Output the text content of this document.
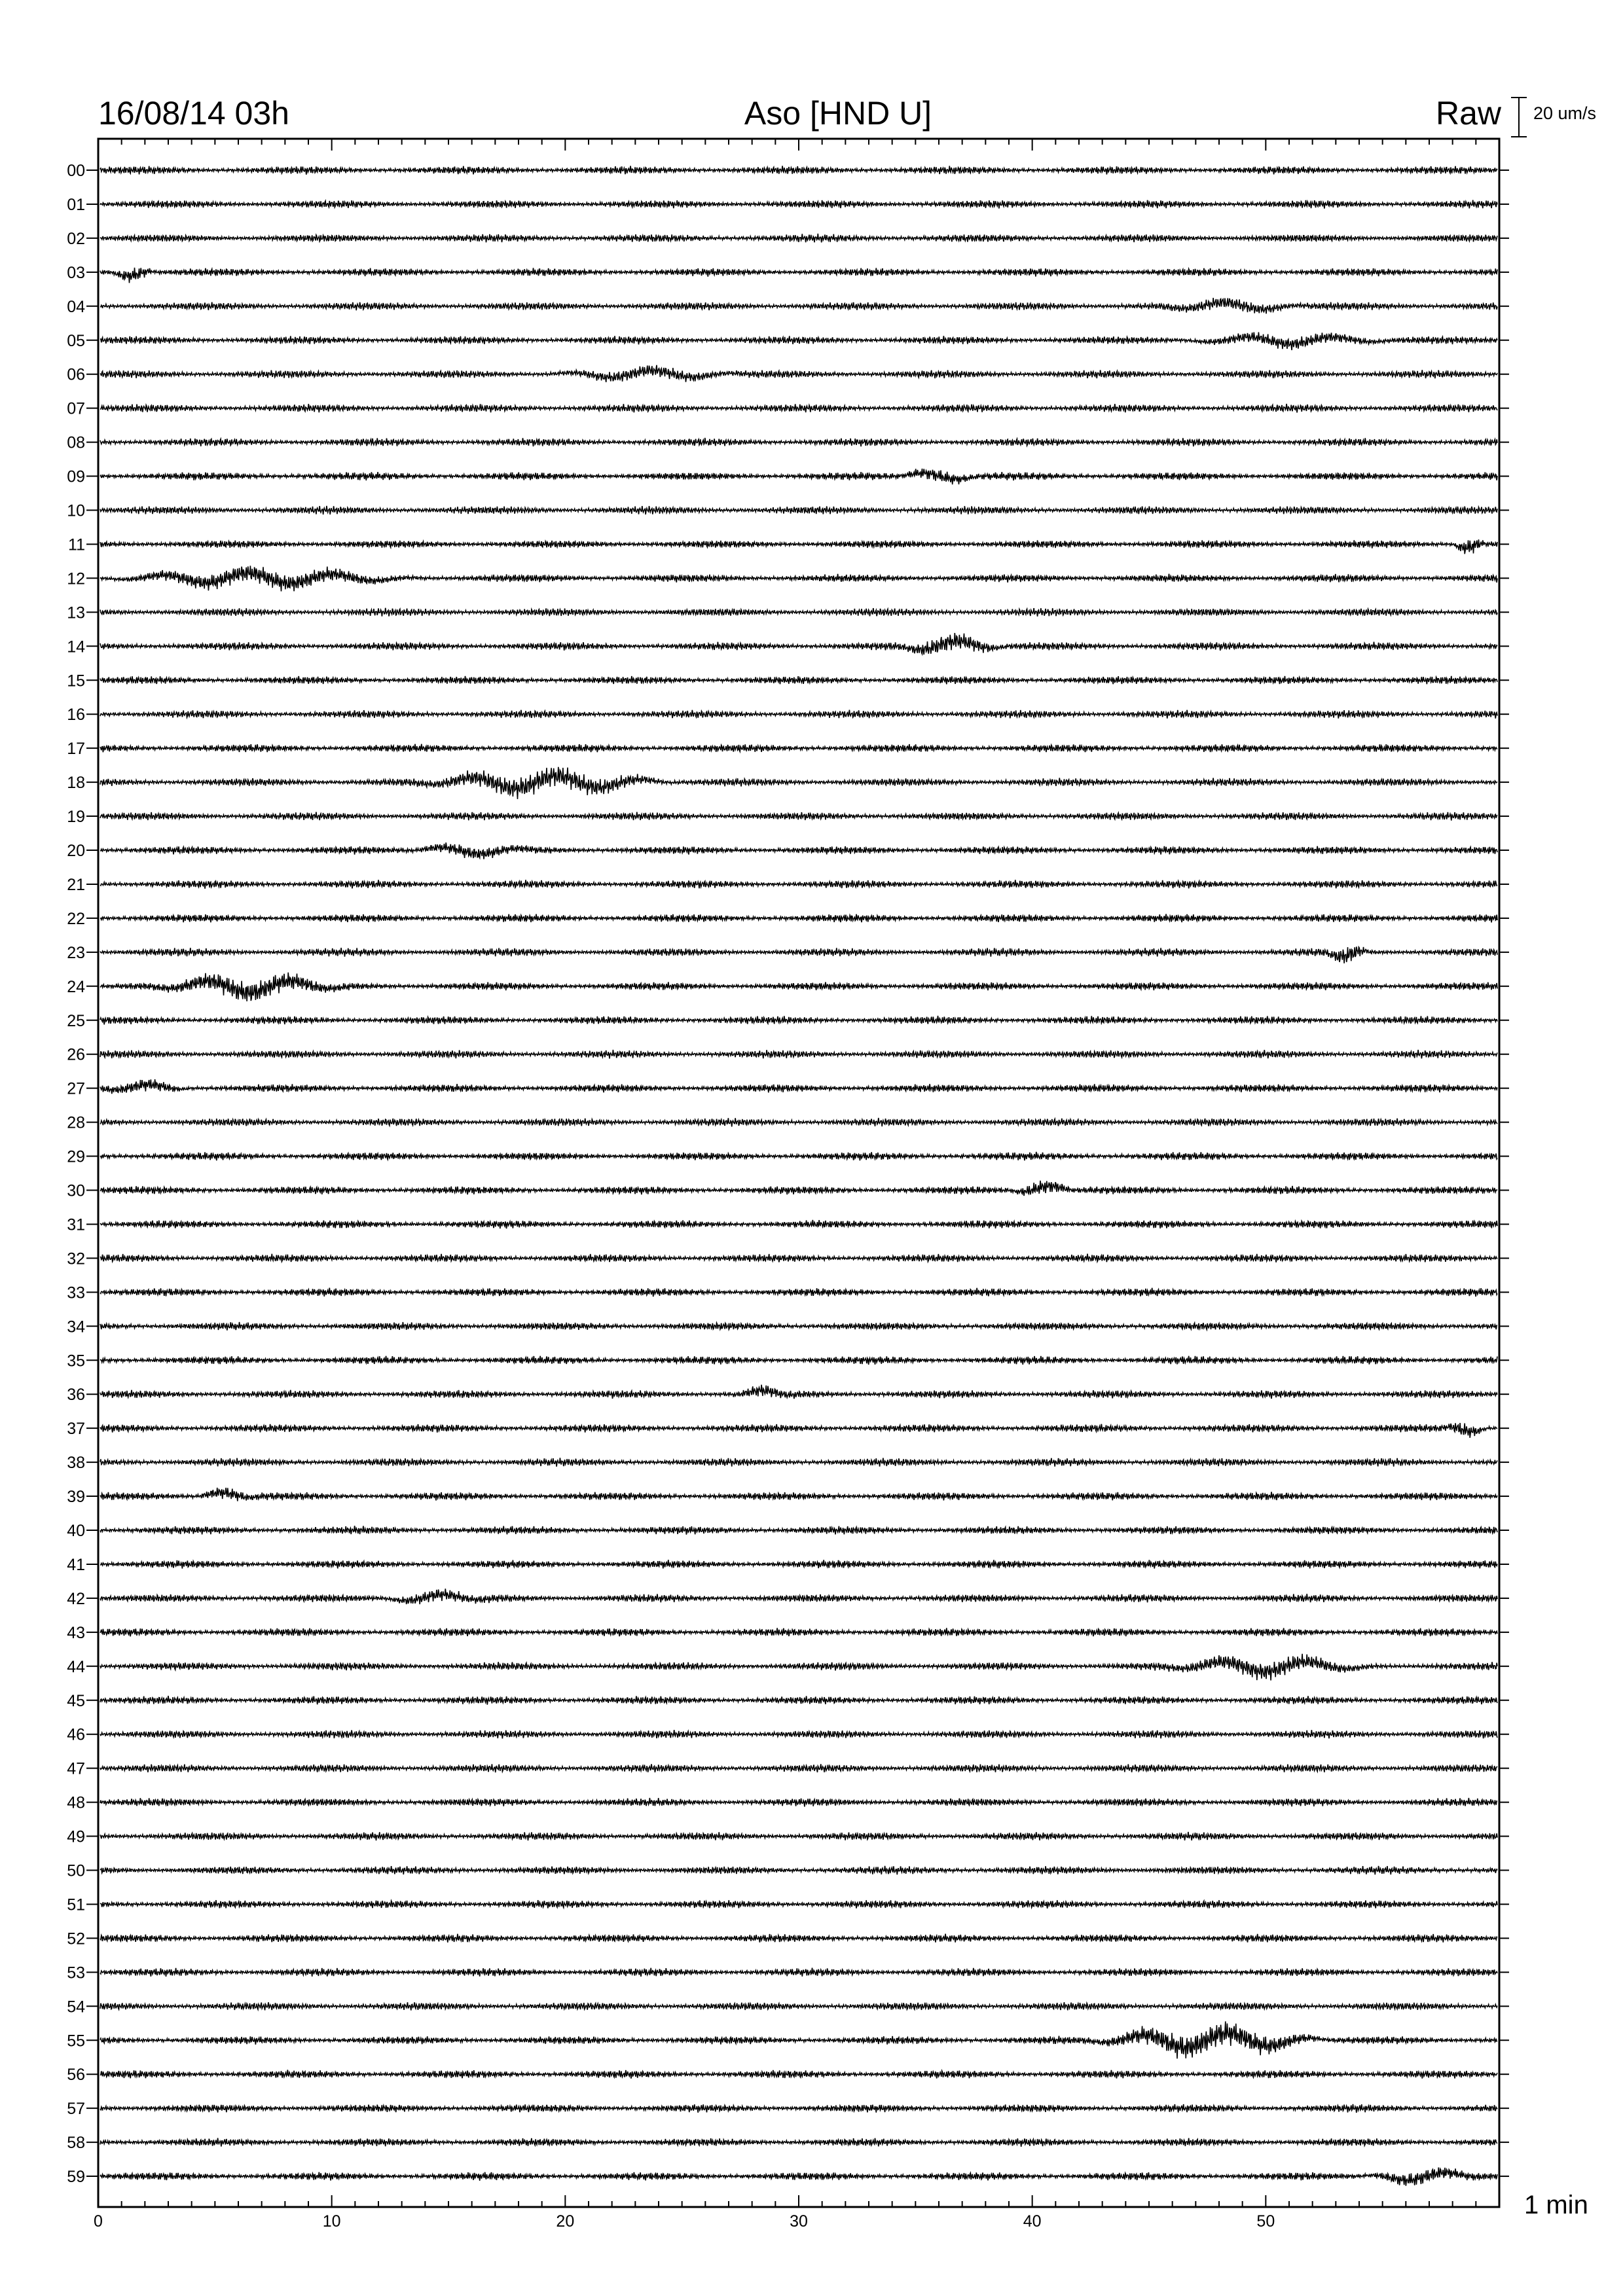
16/08/14 03h	Aso [HND U]	Raw 20 um/s
1 min
00
01
02
03
04
05
06
07
08
09
10
11
12
13
14
15
16
17
18
19
20
21
22
23
24
25
26
27
28
29
30
31
32
33
34
35
36
37
38
39
40
41
42
43
44
45
46
47
48
49
50
51
52
53
54
55
56
57
58
59
0	10	20	30	40	50
